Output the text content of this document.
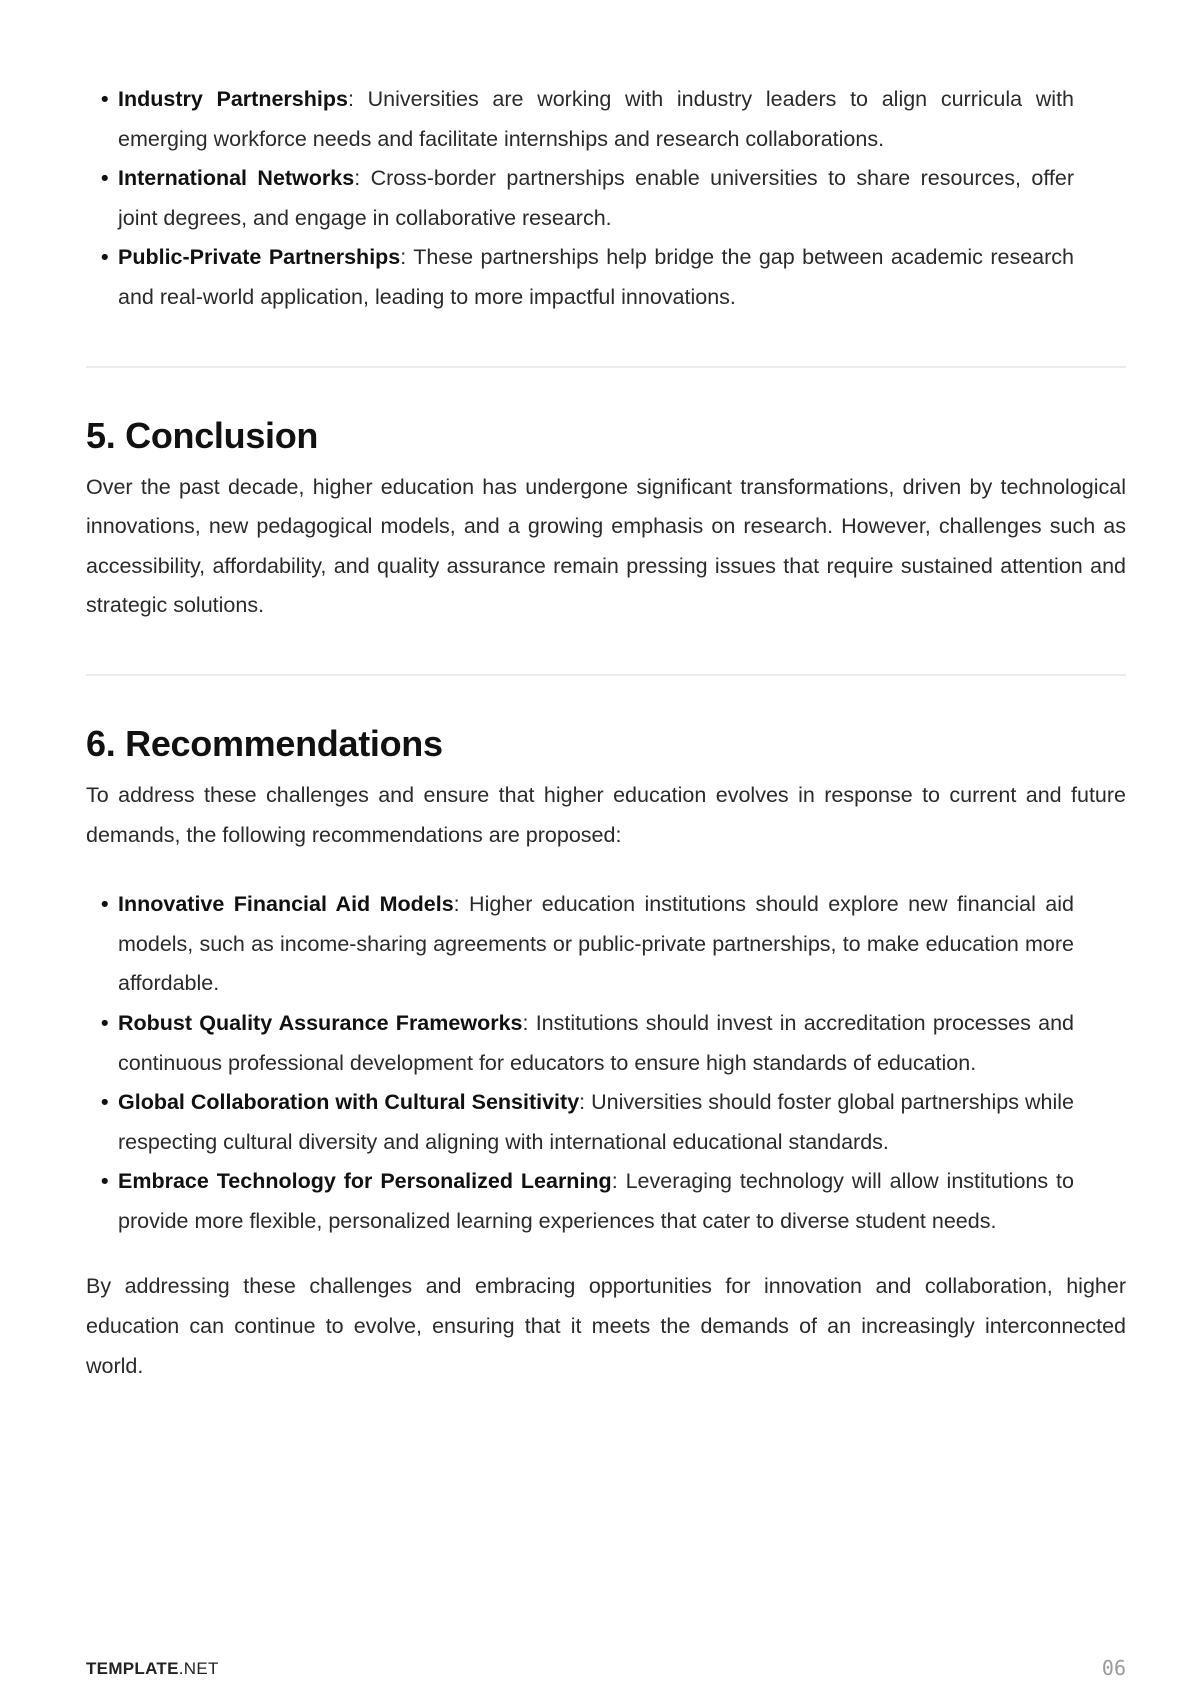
• Industry Partnerships: Universities are working with industry leaders to align curricula with emerging workforce needs and facilitate internships and research collaborations.
• International Networks: Cross-border partnerships enable universities to share resources, offer joint degrees, and engage in collaborative research.
• Public-Private Partnerships: These partnerships help bridge the gap between academic research and real-world application, leading to more impactful innovations.
5. Conclusion

Over the past decade, higher education has undergone significant transformations, driven by technological innovations, new pedagogical models, and a growing emphasis on research. However, challenges such as accessibility, affordability, and quality assurance remain pressing issues that require sustained attention and strategic solutions.

6. Recommendations

To address these challenges and ensure that higher education evolves in response to current and future demands, the following recommendations are proposed:

• Innovative Financial Aid Models: Higher education institutions should explore new financial aid models, such as income-sharing agreements or public-private partnerships, to make education more affordable.
• Robust Quality Assurance Frameworks: Institutions should invest in accreditation processes and continuous professional development for educators to ensure high standards of education.
• Global Collaboration with Cultural Sensitivity: Universities should foster global partnerships while respecting cultural diversity and aligning with international educational standards.
• Embrace Technology for Personalized Learning: Leveraging technology will allow institutions to provide more flexible, personalized learning experiences that cater to diverse student needs.

By addressing these challenges and embracing opportunities for innovation and collaboration, higher education can continue to evolve, ensuring that it meets the demands of an increasingly interconnected world.

TEMPLATE.NET	06
